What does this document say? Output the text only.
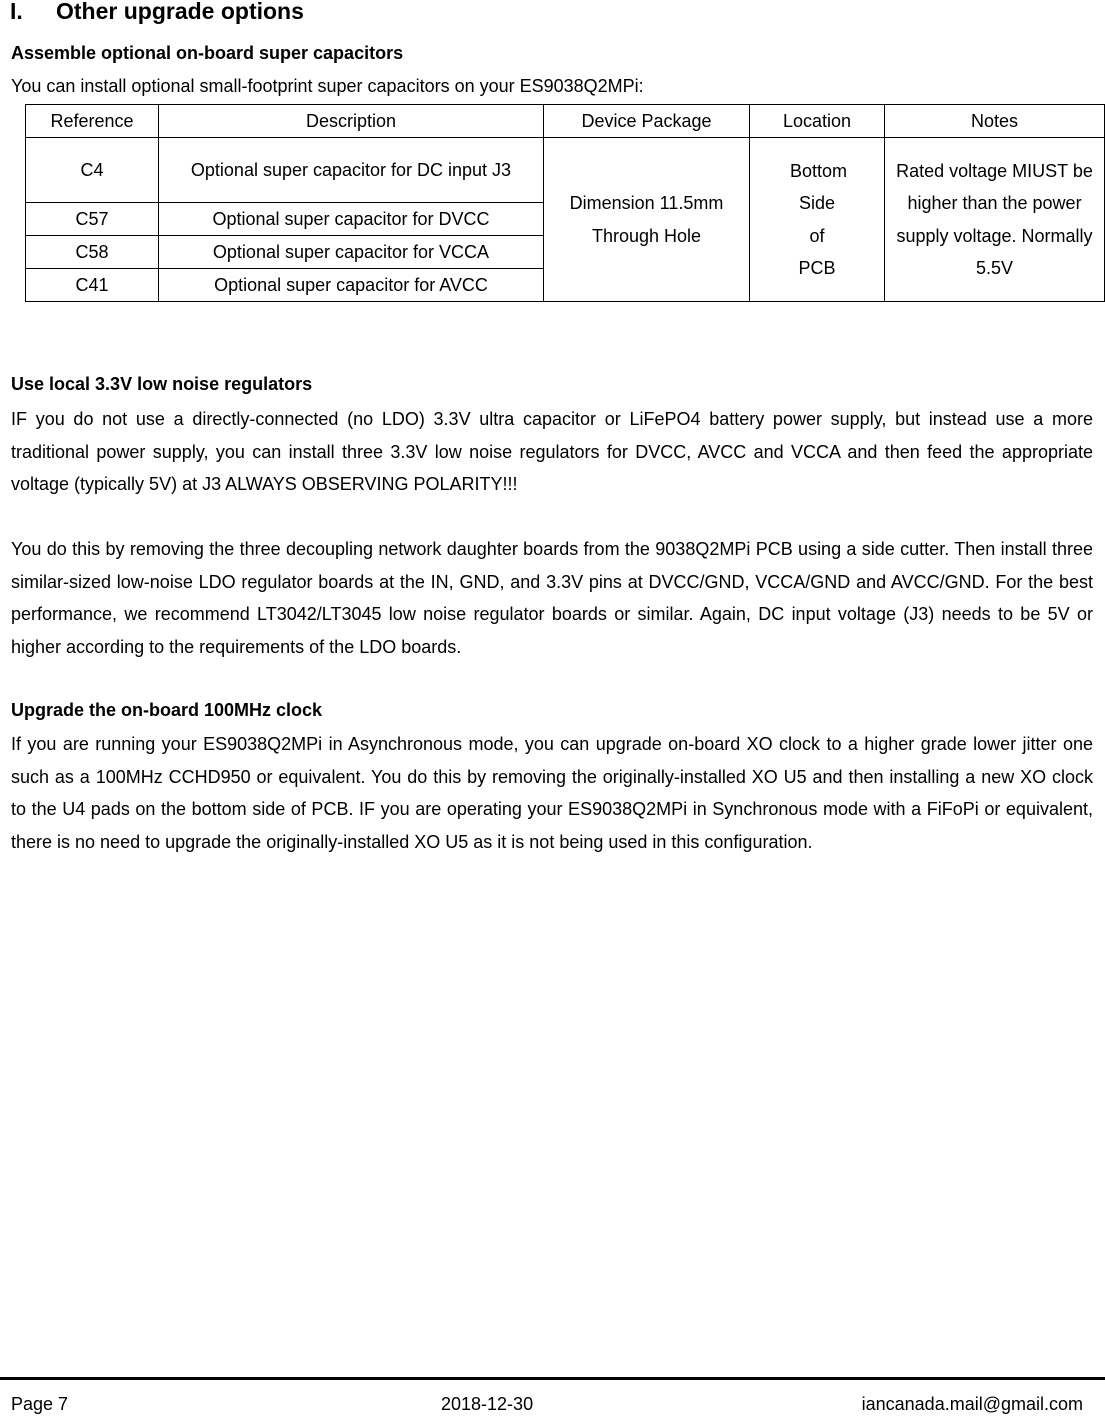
I.	Other upgrade options
Assemble optional on-board super capacitors
You can install optional small-footprint super capacitors on your ES9038Q2MPi:
Reference	Description	Device Package	Location	Notes
C4	Optional super capacitor for DC input J3	Dimension 11.5mm Through Hole	Bottom Side of PCB	Rated voltage MIUST be higher than the power supply voltage. Normally 5.5V
C57	Optional super capacitor for DVCC			
C58	Optional super capacitor for VCCA			
C41	Optional super capacitor for AVCC			
Use local 3.3V low noise regulators
IF you do not use a directly-connected (no LDO) 3.3V ultra capacitor or LiFePO4 battery power supply, but instead use a more traditional power supply, you can install three 3.3V low noise regulators for DVCC, AVCC and VCCA and then feed the appropriate voltage (typically 5V) at J3 ALWAYS OBSERVING POLARITY!!!
You do this by removing the three decoupling network daughter boards from the 9038Q2MPi PCB using a side cutter. Then install three similar-sized low-noise LDO regulator boards at the IN, GND, and 3.3V pins at DVCC/GND, VCCA/GND and AVCC/GND. For the best performance, we recommend LT3042/LT3045 low noise regulator boards or similar. Again, DC input voltage (J3) needs to be 5V or higher according to the requirements of the LDO boards.
Upgrade the on-board 100MHz clock
If you are running your ES9038Q2MPi in Asynchronous mode, you can upgrade on-board XO clock to a higher grade lower jitter one such as a 100MHz CCHD950 or equivalent. You do this by removing the originally-installed XO U5 and then installing a new XO clock to the U4 pads on the bottom side of PCB. IF you are operating your ES9038Q2MPi in Synchronous mode with a FiFoPi or equivalent, there is no need to upgrade the originally-installed XO U5 as it is not being used in this configuration.
Page 7	2018-12-30	iancanada.mail@gmail.com
